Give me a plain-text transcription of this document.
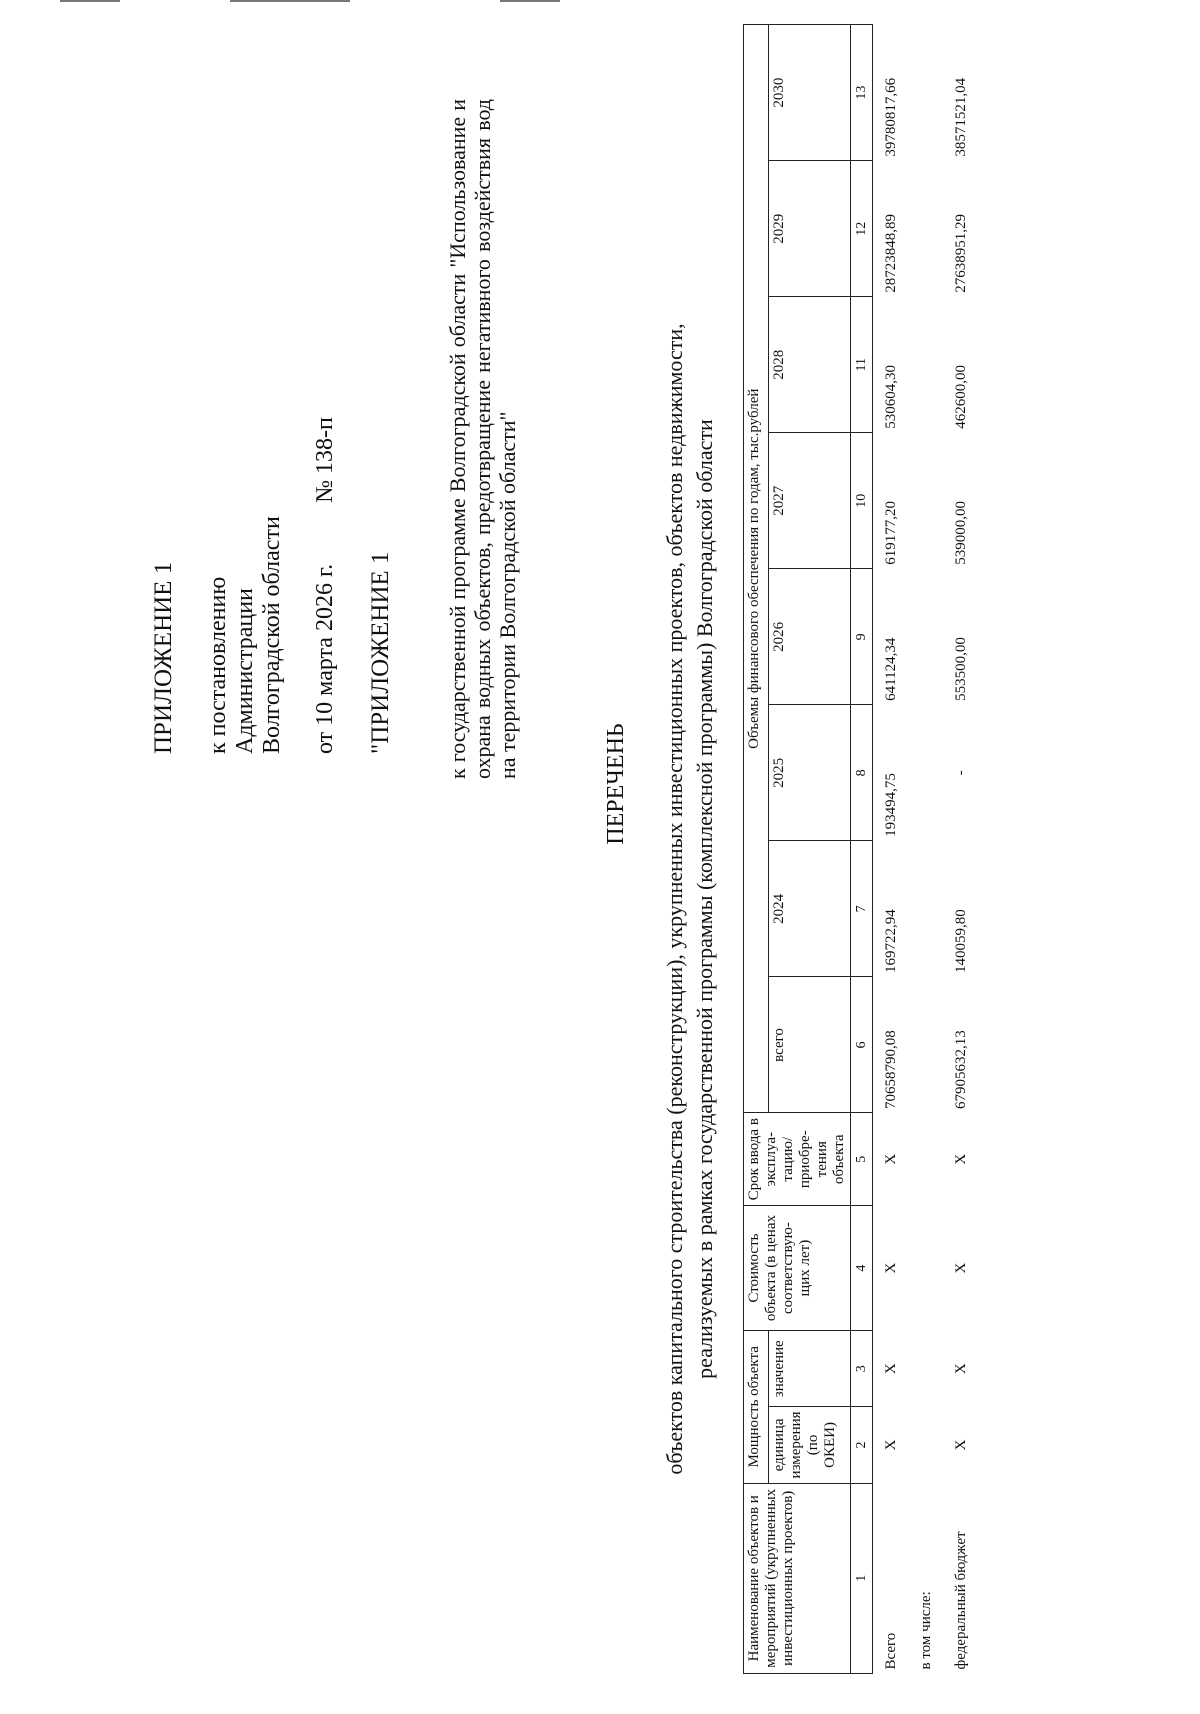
ПРИЛОЖЕНИЕ 1 к постановлению Администрации Волгоградской области от 10 марта 2026 г. № 138-п
"ПРИЛОЖЕНИЕ 1 к государственной программе Волгоградской области "Использование и охрана водных объектов, предотвращение негативного воздействия вод на территории Волгоградской области"
ПЕРЕЧЕНЬ объектов капитального строительства (реконструкции), укрупненных инвестиционных проектов, объектов недвижимости, реализуемых в рамках государственной программы (комплексной программы) Волгоградской области
Наименование объектов и мероприятий (укрупненных инвестиционных проектов)	Мощность объекта		Стоимость объекта (в ценах соответствую-щих лет)	Срок ввода в эксплуа-тацию/ приобре-тения объекта	Объемы финансового обеспечения по годам, тыс.рублей							
	единица измерения (по ОКЕИ)	значение			всего	2024	2025	2026	2027	2028	2029	2030
1	2	3	4	5	6	7	8	9	10	11	12	13
Всего	X	X	X	X	70658790,08	169722,94	193494,75	641124,34	619177,20	530604,30	28723848,89	39780817,66
в том числе:												
федеральный бюджет	X	X	X	X	67905632,13	140059,80	-	553500,00	539000,00	462600,00	27638951,29	38571521,04
